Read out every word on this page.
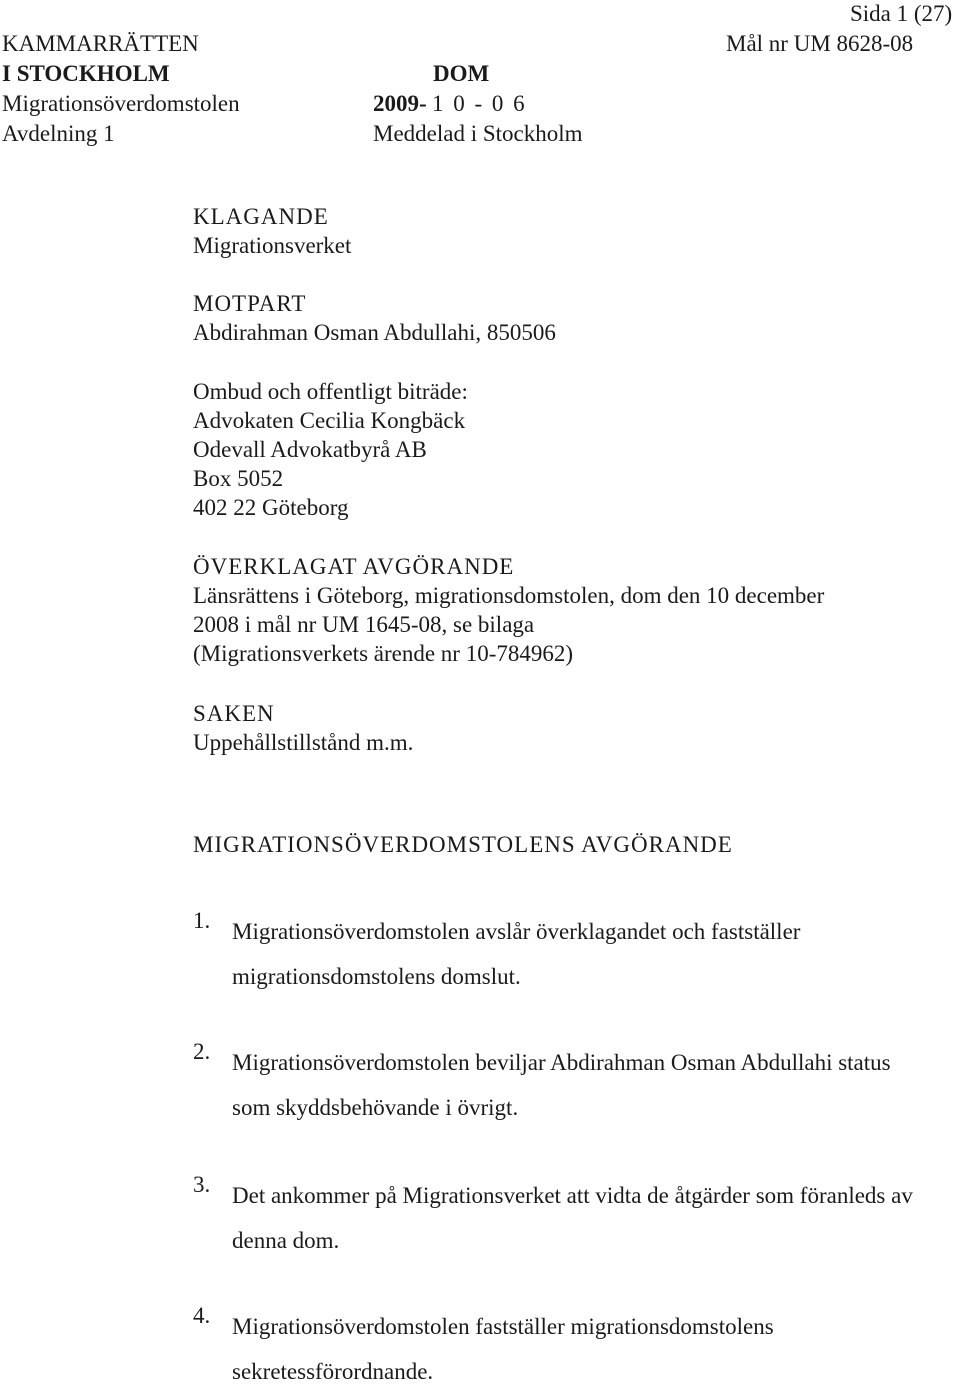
Sida 1 (27)
KAMMARRÄTTEN
I STOCKHOLM
Migrationsöverdomstolen
Avdelning 1
Mål nr UM 8628-08
DOM
2009- 1 0 - 0 6
Meddelad i Stockholm
KLAGANDE
Migrationsverket
MOTPART
Abdirahman Osman Abdullahi, 850506
Ombud och offentligt biträde:
Advokaten Cecilia Kongbäck
Odevall Advokatbyrå AB
Box 5052
402 22 Göteborg
ÖVERKLAGAT AVGÖRANDE
Länsrättens i Göteborg, migrationsdomstolen, dom den 10 december
2008 i mål nr UM 1645-08, se bilaga
(Migrationsverkets ärende nr 10-784962)
SAKEN
Uppehållstillstånd m.m.
MIGRATIONSÖVERDOMSTOLENS AVGÖRANDE
1. Migrationsöverdomstolen avslår överklagandet och fastställer migrationsdomstolens domslut.
2. Migrationsöverdomstolen beviljar Abdirahman Osman Abdullahi status som skyddsbehövande i övrigt.
3. Det ankommer på Migrationsverket att vidta de åtgärder som föranleds av denna dom.
4. Migrationsöverdomstolen fastställer migrationsdomstolens sekretessförordnande.
